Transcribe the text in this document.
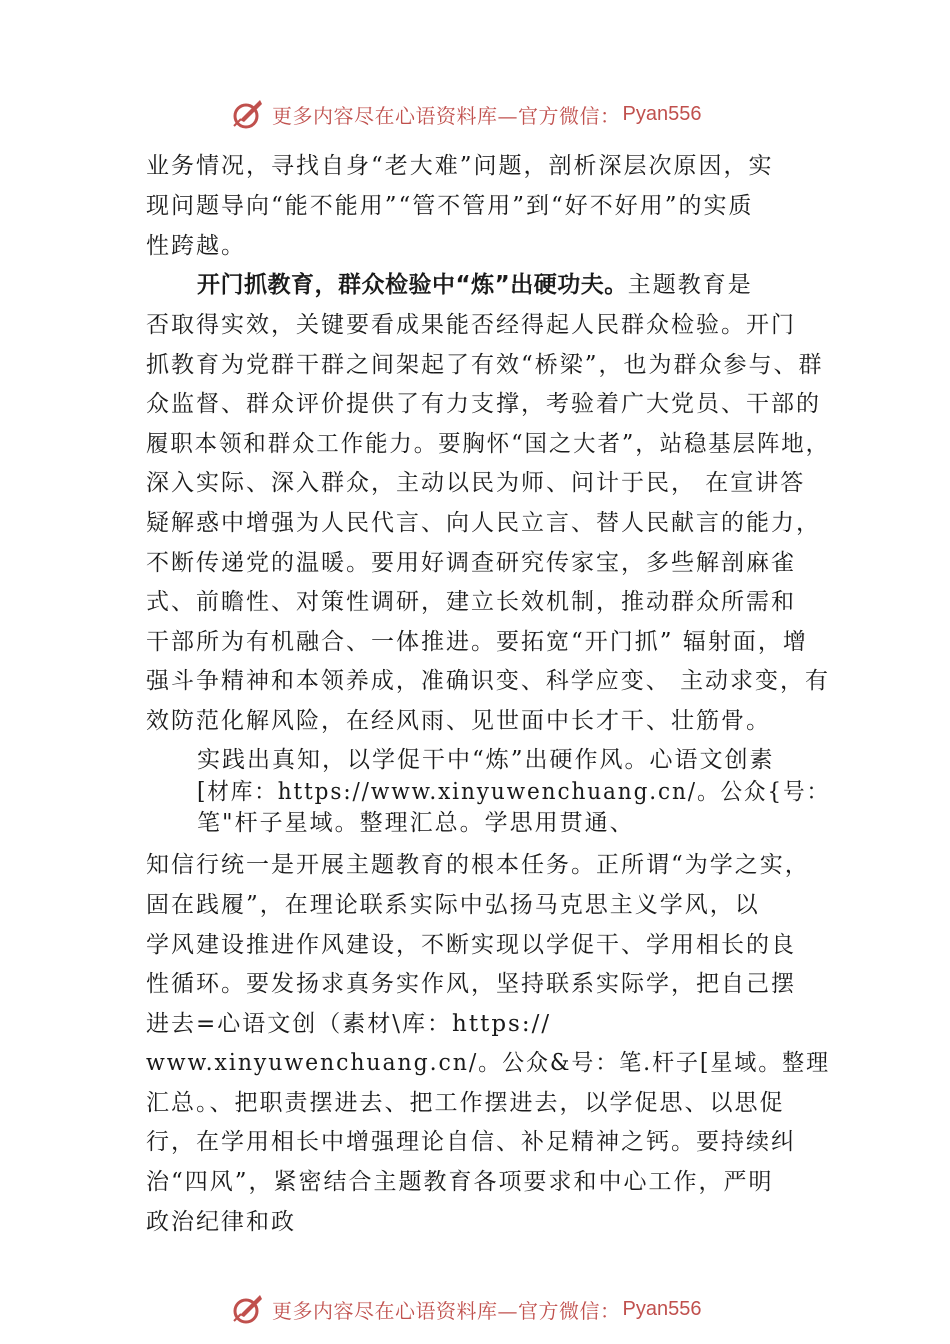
更多内容尽在心语资料库—官方微信： Pyan556

业务情况，寻找自身“老大难”问题，剖析深层次原因，实

现问题导向“能不能用”“管不管用”到“好不好用”的实质

性跨越。

开门抓教育，群众检验中“炼”出硬功夫。主题教育是

否取得实效，关键要看成果能否经得起人民群众检验。开门

抓教育为党群干群之间架起了有效“桥梁”，也为群众参与、群

众监督、群众评价提供了有力支撑，考验着广大党员、干部的

履职本领和群众工作能力。要胸怀“国之大者”，站稳基层阵地，

深入实际、深入群众，主动以民为师、问计于民， 在宣讲答

疑解惑中增强为人民代言、向人民立言、替人民献言的能力，

不断传递党的温暖。要用好调查研究传家宝，多些解剖麻雀

式、前瞻性、对策性调研，建立长效机制，推动群众所需和

干部所为有机融合、一体推进。要拓宽“开门抓” 辐射面，增

强斗争精神和本领养成，准确识变、科学应变、 主动求变，有

效防范化解风险，在经风雨、见世面中长才干、壮筋骨。

实践出真知，以学促干中“炼”出硬作风。心语文创素

[材库：https://www.xinyuwenchuang.cn/。公众{号：

笔"杆子星域。整理汇总。学思用贯通、

知信行统一是开展主题教育的根本任务。正所谓“为学之实，

固在践履”，在理论联系实际中弘扬马克思主义学风，以

学风建设推进作风建设，不断实现以学促干、学用相长的良

性循环。要发扬求真务实作风，坚持联系实际学，把自己摆

进去=心语文创（素材\库：https://

www.xinyuwenchuang.cn/。公众&号：笔.杆子[星域。整理

汇总。、把职责摆进去、把工作摆进去，以学促思、以思促

行，在学用相长中增强理论自信、补足精神之钙。要持续纠

治“四风”，紧密结合主题教育各项要求和中心工作，严明

政治纪律和政

更多内容尽在心语资料库—官方微信： Pyan556
